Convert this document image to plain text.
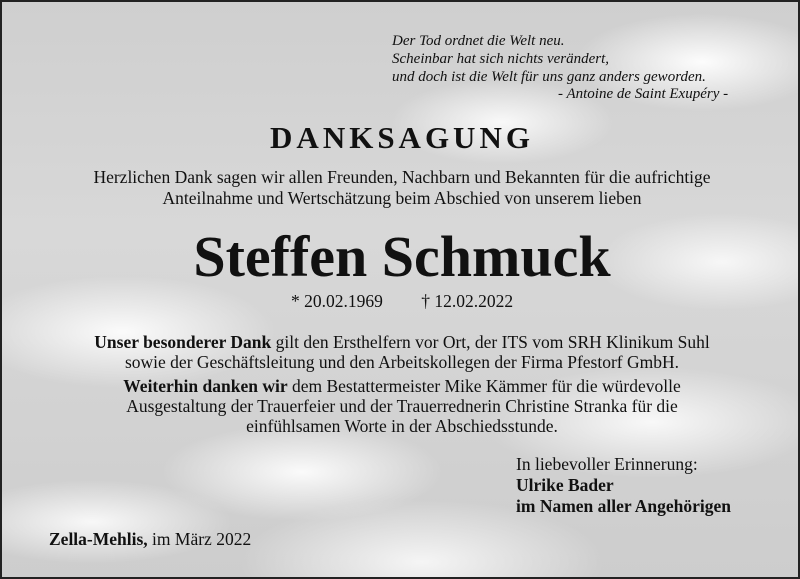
Der Tod ordnet die Welt neu.
Scheinbar hat sich nichts verändert,
und doch ist die Welt für uns ganz anders geworden.
- Antoine de Saint Exupéry -
DANKSAGUNG
Herzlichen Dank sagen wir allen Freunden, Nachbarn und Bekannten für die aufrichtige
Anteilnahme und Wertschätzung beim Abschied von unserem lieben
Steffen Schmuck
* 20.02.1969 † 12.02.2022
Unser besonderer Dank gilt den Ersthelfern vor Ort, der ITS vom SRH Klinikum Suhl
sowie der Geschäftsleitung und den Arbeitskollegen der Firma Pfestorf GmbH.
Weiterhin danken wir dem Bestattermeister Mike Kämmer für die würdevolle
Ausgestaltung der Trauerfeier und der Trauerrednerin Christine Stranka für die
einfühlsamen Worte in der Abschiedsstunde.
In liebevoller Erinnerung:
Ulrike Bader
im Namen aller Angehörigen
Zella-Mehlis, im März 2022
